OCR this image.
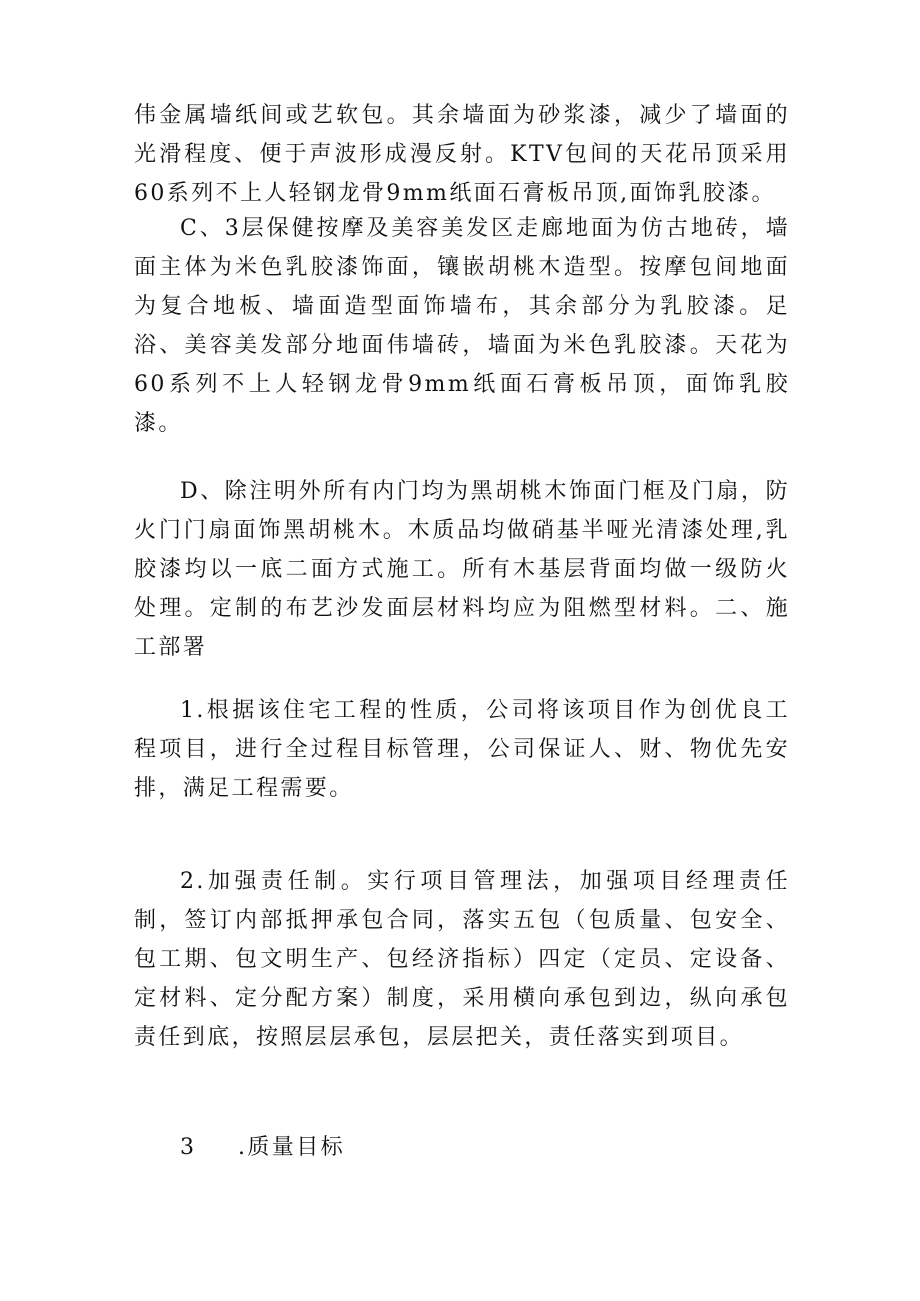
伟金属墙纸间或艺软包。其余墙面为砂浆漆，减少了墙面的光滑程度、便于声波形成漫反射。KTV包间的天花吊顶采用60系列不上人轻钢龙骨9mm纸面石膏板吊顶,面饰乳胶漆。

C、3层保健按摩及美容美发区走廊地面为仿古地砖，墙面主体为米色乳胶漆饰面，镶嵌胡桃木造型。按摩包间地面为复合地板、墙面造型面饰墙布，其余部分为乳胶漆。足浴、美容美发部分地面伟墙砖，墙面为米色乳胶漆。天花为60系列不上人轻钢龙骨9mm纸面石膏板吊顶，面饰乳胶漆。

D、除注明外所有内门均为黑胡桃木饰面门框及门扇，防火门门扇面饰黑胡桃木。木质品均做硝基半哑光清漆处理,乳胶漆均以一底二面方式施工。所有木基层背面均做一级防火处理。定制的布艺沙发面层材料均应为阻燃型材料。二、施工部署

1.根据该住宅工程的性质，公司将该项目作为创优良工程项目，进行全过程目标管理，公司保证人、财、物优先安排，满足工程需要。

2.加强责任制。实行项目管理法，加强项目经理责任制，签订内部抵押承包合同，落实五包（包质量、包安全、包工期、包文明生产、包经济指标）四定（定员、定设备、定材料、定分配方案）制度，采用横向承包到边，纵向承包责任到底，按照层层承包，层层把关，责任落实到项目。

3 .质量目标
